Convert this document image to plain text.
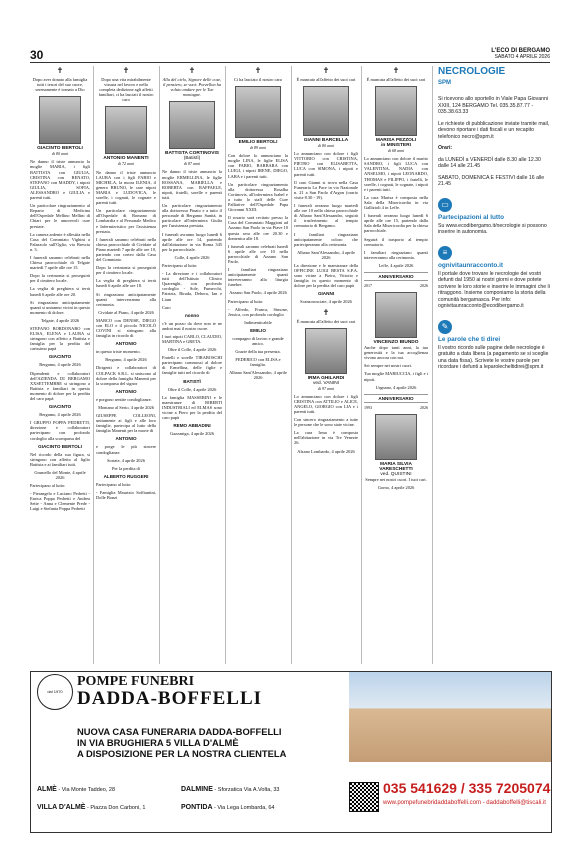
30	L'ECO DI BERGAMO
SABATO 4 APRILE 2026
✝

Dopo aver donato alla famiglia tutti i tesori del suo cuore, serenamente è tornato a Dio

GIACINTO BERTOLI
di 80 anni

Ne danno il triste annuncio la moglie MARIA, i figli BATTISTA con GIULIA, CRISTINA con RENATO, STEFANO con MADDY, i nipoti GIULIA, SOFIA, ALESSANDRO e GIULIA e parenti tutti.

Un particolare ringraziamento al Reparto di Medicina dell'Ospedale Mellino Mellini di Chiari per le amorevoli cure prestate.

La camera ardente è allestita nella Casa del Commiato Vighini a Palazzolo sull'Oglio, via Brescia n. 3.

I funerali saranno celebrati nella Chiesa parrocchiale di Telgate martedì 7 aprile alle ore 15.

Dopo la cerimonia si proseguirà per il cimitero locale.

La veglia di preghiera si terrà lunedì 6 aprile alle ore 20.

Si ringraziano anticipatamente quanti si uniranno vicini in questo momento di dolore.

Telgate, 4 aprile 2026

STEFANO BORDONARO con ELISA, ELENA e LAURA si stringono con affetto a Battista e famiglia per la perdita del carissimo papà

GIACINTO

Bergamo, 4 aprile 2026

Dipendenti e collaboratori dell'AZIENDA DI BERGAMO XXSETTEMBRE si stringono a Battista e familiari in questo momento di dolore per la perdita del caro papà

GIACINTO

Bergamo, 4 aprile 2026

I GRUPPO POPPA PEDRETTI, direzione e collaboratori partecipano con profondo cordoglio alla scomparsa del

GIACINTO BERTOLI

Nel ricordo della sua figura, si stringono con affetto al figlio Battista e ai familiari tutti.

Grumello del Monte, 4 aprile 2026

Partecipano al lutto:

- Pierangelo e Luciano Pedretti - Enrica Poppa Pedretti e Andrea Sette - Anna e Clemente Prede - Luigi e Stefania Poppa Pedretti

✝

Dopo una vita mirabilmente vissuta nel lavoro e nella completa dedizione agli affetti familiari, ci ha lasciati il nostro caro

ANTONIO MANENTI
di 72 anni

Ne danno il triste annuncio LAURA con i figli FABIO e MICHELA, la nuora ILENIA, il genero BRUNO, le care nipoti MARIA e LUDOVICA, le sorelle, i cognati, le cognate e parenti tutti.

Un particolare ringraziamento all'Ospedale di Romano di Lombardia e al Personale Medico e Infermieristico per l'assistenza prestata.

I funerali saranno celebrati nella chiesa parrocchiale di Cividate al Piano martedì 7 aprile alle ore 10, partendo con corteo dalla Casa del Commiato.

Dopo la cerimonia si proseguirà per il cimitero locale.

La veglia di preghiera si terrà lunedì 6 aprile alle ore 18.

Si ringraziano anticipatamente quanti interverranno alla cerimonia.

Cividate al Piano, 4 aprile 2026

MARCO con DENISE, DIEGO con ELO e il piccolo NICOLÒ COVINI si stringono alla famiglia in ricordo di

ANTONIO

in questo triste momento.

Bergamo, 4 aprile 2026

Dirigenti e collaboratori di COLPACK S.R.L. si uniscono al dolore della famiglia Manenti per la scomparsa del signor

ANTONIO

e porgono sentite condoglianze.

Montano al Serio, 4 aprile 2026

GIUSEPPE COLLEONI, unitamente ai figli e alle loro famiglie, partecipa al lutto della famiglia Manenti per la morte di

ANTONIO

e porge le più sincere condoglianze.

Soriate, 4 aprile 2026

Per la perdita di

ALBERTO RUGGERI

Partecipano al lutto:

- Famiglia Maurizio Soffiantini, Dolle Bonzi

✝

Alla del cielo, Signore delle cose, il pensiero, se vuoi: Porzellon ha voluto andare per le Tue montagne.

BATTISTA CORTINOVIS
(Batistì)
di 87 anni

Ne danno il triste annuncio la moglie ERMELLINA, le figlie ROSSANA, MARIELLA e ROBERTA con RAFFAELE, nipoti, fratelli, sorelle e parenti tutti.

Un particolare ringraziamento alla dottoressa Pinato e a tutto il personale di Bergamo Sanità, in particolare all'infermiera Giulia per l'assistenza prestata.

I funerali avranno luogo lunedì 6 aprile alle ore 14, partendo dall'abitazione in via Roma 345 per la parrocchiale.

Colle, 4 aprile 2026

Partecipano al lutto:

- La direzione e i collaboratori tutti dell'Istituto Clinico Quarenghi, con profondo cordoglio - Sole, Fumecchi, Patrizia, Birada, Debora, Ian e Liam

Caro

nonno

c'è un pozzo da dove non te ne andrai mai il nostro cuore.

I tuoi nipoti CARLO, CLAUDIO, MARTINA e GRETA.

Oltre il Colle, 4 aprile 2026

Fratelli e sorelle TIRABOSCHI partecipano commossi al dolore di Ermellina, delle figlie e famiglie tutti nel ricordo di

BATISTÌ

Oltre il Colle, 4 aprile 2026

La famiglia MASSERINI e le maestranze di RIBERTI INDUSTRIALI ed ELMAS sono vicine a Piero per la perdita del caro papà

REMO ABBADINI

Gazzaniga, 4 aprile 2026

✝

Ci ha lasciato il nostro caro

EMILIO BERTOLI
di 89 anni

Con dolore lo annunciano la moglie LINA, le figlie ELISA con FABIO, BARBARA con LUIGI, i nipoti IRENE, DIEGO, LARA e i parenti tutti.

Un particolare ringraziamento alla dottoressa Rosalba Cortinovis, all'infermiera Isabel e a tutto lo staff delle Cure Palliative dell'Ospedale Papa Giovanni XXIII.

Il rosario sarà recitato presso la Casa del Commiato Maggioni ad Azzano San Paolo in via Piave 10 questa sera alle ore 20.30 e domenica alle 18.

I funerali saranno celebrati lunedì 6 aprile alle ore 10 nella parrocchiale di Azzano San Paolo.

I familiari ringraziano anticipatamente quanti interverranno alla liturgia funebre.

Azzano San Paolo, 4 aprile 2026

Partecipano al lutto:

- Alfredo, Franca, Simone, Jessica, con profondo cordoglio

Indimenticabile

EMILIO

compagno di lavoro e grande amico.

Grazie della tua presenza.

FEDERICO con ELISA e famiglia.

Albano Sant'Alessandro, 4 aprile 2026

✝

È mancato all'affetto dei suoi cari

GIANNI BARCELLA
di 80 anni

Lo annunciano con dolore i figli VITTORIO con CRISTINA, PIETRO con ELISABETTA, LUCA con SIMONA, i nipoti e parenti tutti.

Il caro Gianni si trova nella Casa Funeraria La Pace in via Nazionale n. 21 a San Paolo d'Argon (orario visite 8.30 - 19).

I funerali avranno luogo martedì alle ore 10 nella chiesa parrocchiale di Albano Sant'Alessandro, seguirà il trasferimento al tempio crematorio di Bergamo.

I familiari ringraziano anticipatamente coloro che parteciperanno alla cerimonia.

Albano Sant'Alessandro, 4 aprile 2026

La direzione e le maestranze della OFFICINE LUIGI BESTA S.P.A. sono vicine a Pietro, Vittorio e famiglia in questo momento di dolore per la perdita del caro papà

GIANNI

Scanzorosciate, 4 aprile 2026

✝

È mancata all'affetto dei suoi cari

IRMA GHILARDI
ved. VANINI
di 97 anni

Lo annunciano con dolore i figli CRISTINA con ATTILIO e ALICE, ANGELO, GIORGIO con LIA e i parenti tutti.

Con sincero ringraziamento a tutte le persone che le sono state vicine.

La cara Irma è composta nell'abitazione in via Tre Venezie 26.

Alzano Lombardo, 4 aprile 2026

✝

È mancata all'affetto dei suoi cari

MARISA PEZZOLI
in MINISTERI
di 68 anni

Lo annunciano con dolore il marito SANDRO, i figli LUCA con VALENTINA, NADIA con ANSELMO, i nipoti LEONARDO, THOMAS e FILIPPO, i fratelli, le sorelle, i cognati, le cognate, i nipoti e i parenti tutti.

La cara Marisa è composta nella Sala della Misericordia in via Gallizioli 4 in Leffe.

I funerali avranno luogo lunedì 6 aprile alle ore 15, partendo dalla Sala della Misericordia per la chiesa parrocchiale.

Seguirà il trasporto al tempio crematorio.

I familiari ringraziano quanti interverranno alla cerimonia.

Leffe, 4 aprile 2026

ANNIVERSARIO
2017	2026
VINCENZO BIUNDO

Anche dopo tanti anni, la tua generosità e la tua accoglienza vivono ancora con noi.

Sei sempre nei nostri cuori.

Tua moglie MARIUCCIA, i figli e i nipoti.

Urgnano, 4 aprile 2026

ANNIVERSARIO
1993	2026
MARIA SILVIA VARESCHETTI
ved. QUISTINI

Sempre nei nostri cuori. I tuoi cari.

Gorno, 4 aprile 2026

NECROLOGIE
SPM

Si ricevono allo sportello in Viale Papa Giovanni XXIII, 124 BERGAMO Tel. 035.35.87.77 - 035.38.63.33

Le richieste di pubblicazione inviate tramite mail, devono riportare i dati fiscali e un recapito telefonico necro@spm.it

Orari:

da LUNEDÌ a VENERDÌ dalle 8.30 alle 12.30 dalle 14 alle 21.45

SABATO, DOMENICA E FESTIVI dalle 16 alle 21.45

▭
Partecipazioni al lutto

Su www.ecodibergamo.it/necrologie si possono inserire in autonomia.

≡
ognivitaunracconto.it

Il portale dove trovare le necrologie dei vostri defunti dal 1950 ai nostri giorni e dove potete scrivere le loro storie e inserire le immagini che li ritraggono. Insieme componiamo la storia della comunità bergamasca. Per info: ognivitaunracconto@ecodibergamo.it

✎
Le parole che ti direi

Il vostro ricordo sulle pagine delle necrologie è gratuito a data libera (a pagamento se si sceglie una data fissa). Scrivete le vostre parole per ricordare i defunti a leparolecheltidirei@spm.it

dal 1970
POMPE FUNEBRI
DADDA-BOFFELLI
NUOVA CASA FUNERARIA DADDA-BOFFELLI
IN VIA BRUGHIERA 5 VILLA D'ALMÈ
A DISPOSIZIONE PER LA NOSTRA CLIENTELA
ALMÈ - Via Monte Taddeo, 28	DALMINE - Sforzatica Via A.Volta, 33
VILLA D'ALMÈ - Piazza Don Carboni, 1	PONTIDA - Via Lega Lombarda, 64
035 541629 / 335 7205074
www.pompefunebridaddaboffelli.com - daddaboffelli@tiscali.it
